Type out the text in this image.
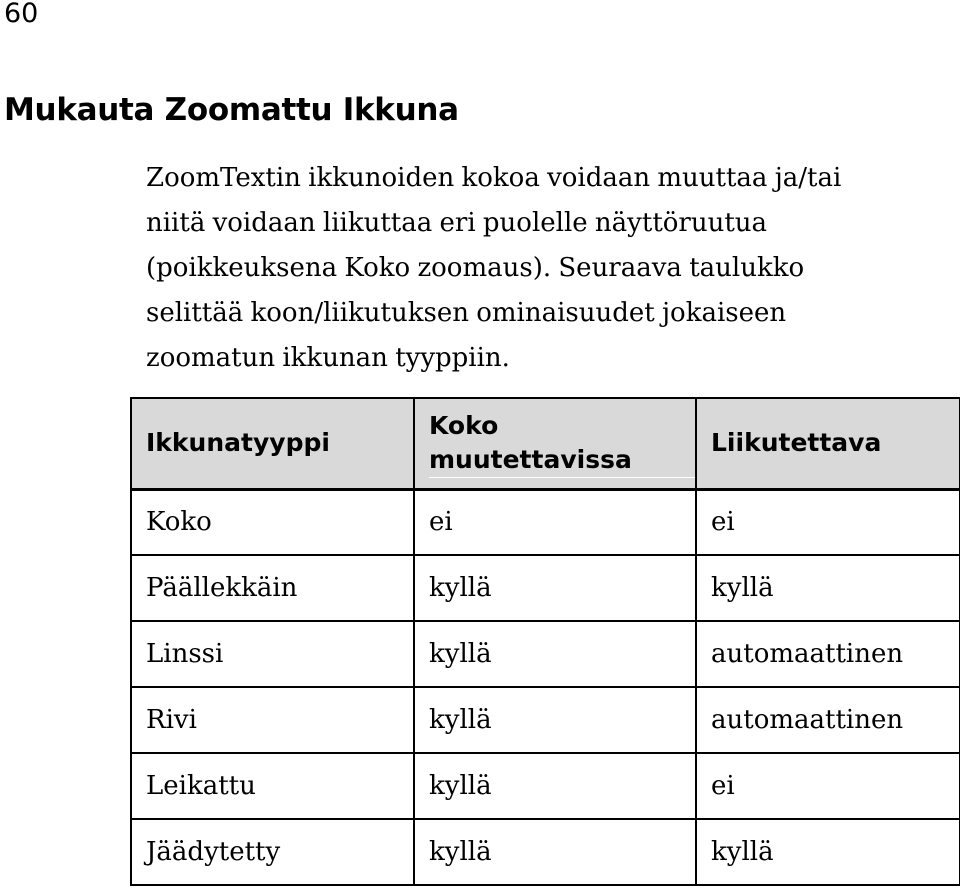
60
Mukauta Zoomattu Ikkuna

ZoomTextin ikkunoiden kokoa voidaan muuttaa ja/tai
niitä voidaan liikuttaa eri puolelle näyttöruutua
(poikkeuksena Koko zoomaus). Seuraava taulukko
selittää koon/liikutuksen ominaisuudet jokaiseen
zoomatun ikkunan tyyppiin.

Ikkunatyyppi	Koko muutettavissa	Liikutettava
Koko	ei	ei
Päällekkäin	kyllä	kyllä
Linssi	kyllä	automaattinen
Rivi	kyllä	automaattinen
Leikattu	kyllä	ei
Jäädytetty	kyllä	kyllä
